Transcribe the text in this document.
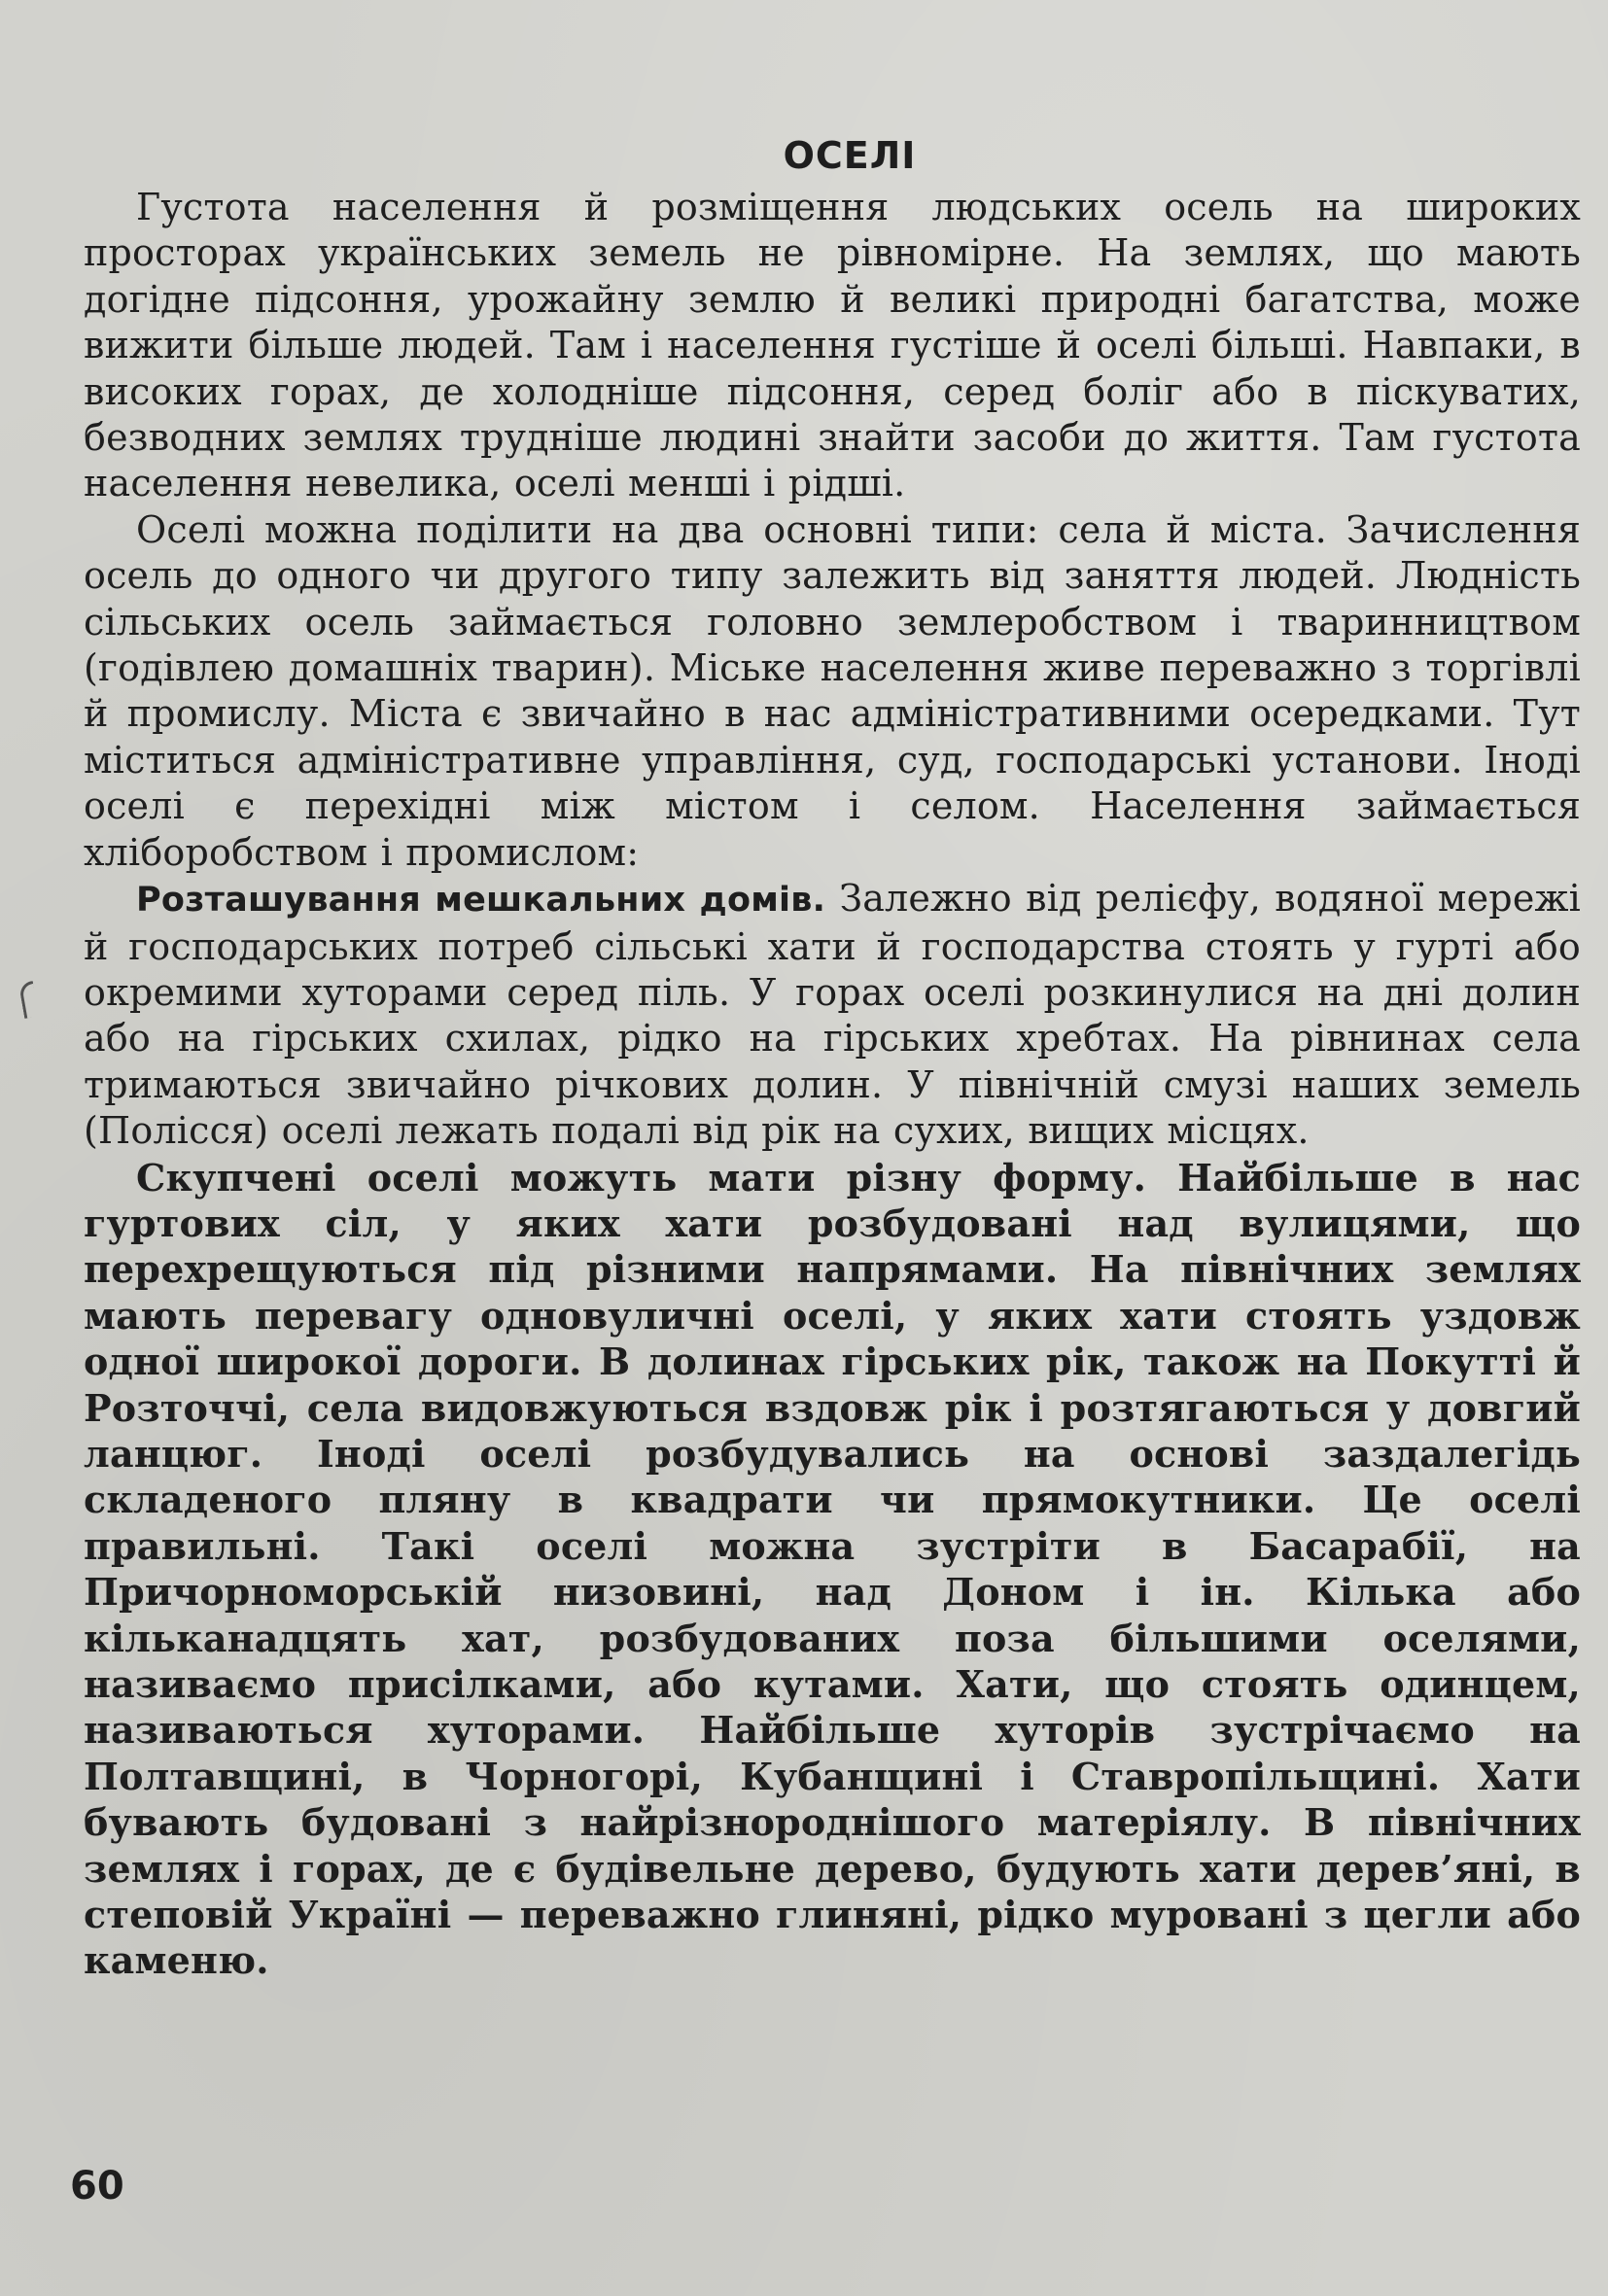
ОСЕЛІ

Густота населення й розміщення людських осель на широких просторах українських земель не рівномірне. На землях, що мають догідне підсоння, урожайну землю й великі природні багатства, може вижити більше людей. Там і населення густіше й оселі більші. Навпаки, в високих горах, де холодніше підсоння, серед боліг або в піскуватих, безводних землях трудніше людині знайти засоби до життя. Там густота населення невелика, оселі менші і рідші.

Оселі можна поділити на два основні типи: села й міста. Зачислення осель до одного чи другого типу залежить від заняття людей. Людність сільських осель займається головно землеробством і тваринництвом (годівлею домашніх тварин). Міське населення живе переважно з торгівлі й промислу. Міста є звичайно в нас адміністративними осередками. Тут міститься адміністративне управління, суд, господарські установи. Іноді оселі є перехідні між містом і селом. Населення займається хліборобством і промислом:

Розташування мешкальних домів. Залежно від релієфу, водяної мережі й господарських потреб сільські хати й господарства стоять у гурті або окремими хуторами серед піль. У горах оселі розкинулися на дні долин або на гірських схилах, рідко на гірських хребтах. На рівнинах села тримаються звичайно річкових долин. У північній смузі наших земель (Полісся) оселі лежать подалі від рік на сухих, вищих місцях.

Скупчені оселі можуть мати різну форму. Найбільше в нас гуртових сіл, у яких хати розбудовані над вулицями, що перехрещуються під різними напрямами. На північних землях мають перевагу одновуличні оселі, у яких хати стоять уздовж одної широкої дороги. В долинах гірських рік, також на Покутті й Розточчі, села видовжуються вздовж рік і розтягаються у довгий ланцюг. Іноді оселі розбудувались на основі заздалегідь складеного пляну в квадрати чи прямокутники. Це оселі правильні. Такі оселі можна зустріти в Басарабії, на Причорноморській низовині, над Доном і ін. Кілька або кільканадцять хат, розбудованих поза більшими оселями, називаємо присілками, або кутами. Хати, що стоять одинцем, називаються хуторами. Найбільше хуторів зустрічаємо на Полтавщині, в Чорногорі, Кубанщині і Ставропільщині. Хати бувають будовані з найрізнороднішого матеріялу. В північних землях і горах, де є будівельне дерево, будують хати дерев’яні, в степовій Україні — переважно глиняні, рідко муровані з цегли або каменю.

60
